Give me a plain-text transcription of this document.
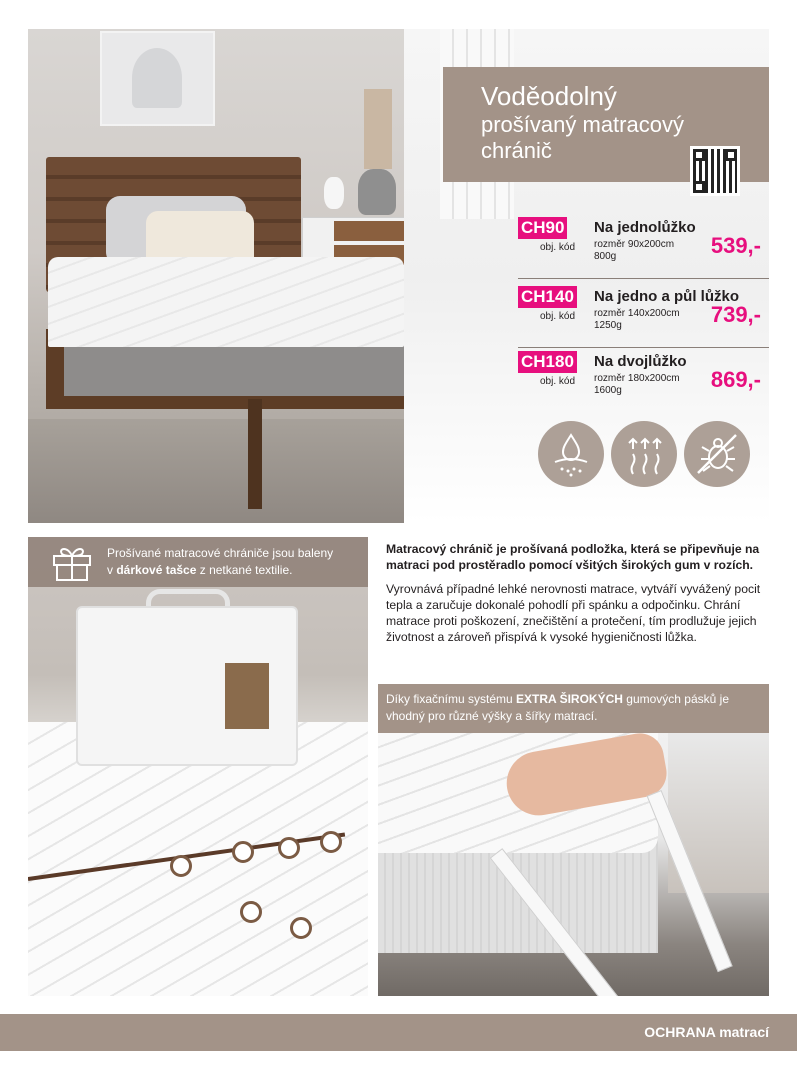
Voděodolný
prošívaný matracový
chránič
CH90
obj. kód
Na jednolůžko
rozměr 90x200cm
800g	539,-
CH140
obj. kód
Na jedno a půl lůžko
rozměr 140x200cm
1250g	739,-
CH180
obj. kód
Na dvojlůžko
rozměr 180x200cm
1600g	869,-
Prošívané matracové chrániče jsou baleny
v dárkové tašce z netkané textilie.

Matracový chránič je prošívaná podložka, která se připevňuje na matraci pod prostěradlo pomocí všitých širokých gum v rozích.

Vyrovnává případné lehké nerovnosti matrace, vytváří vyvážený pocit tepla a zaručuje dokonalé pohodlí při spánku a odpočinku. Chrání matrace proti poškození, znečištění a protečení, tím prodlužuje jejich životnost a zároveň přispívá k vysoké hygieničnosti lůžka.

Díky fixačnímu systému EXTRA ŠIROKÝCH gumových pásků je vhodný pro různé výšky a šířky matrací.
OCHRANA matrací
